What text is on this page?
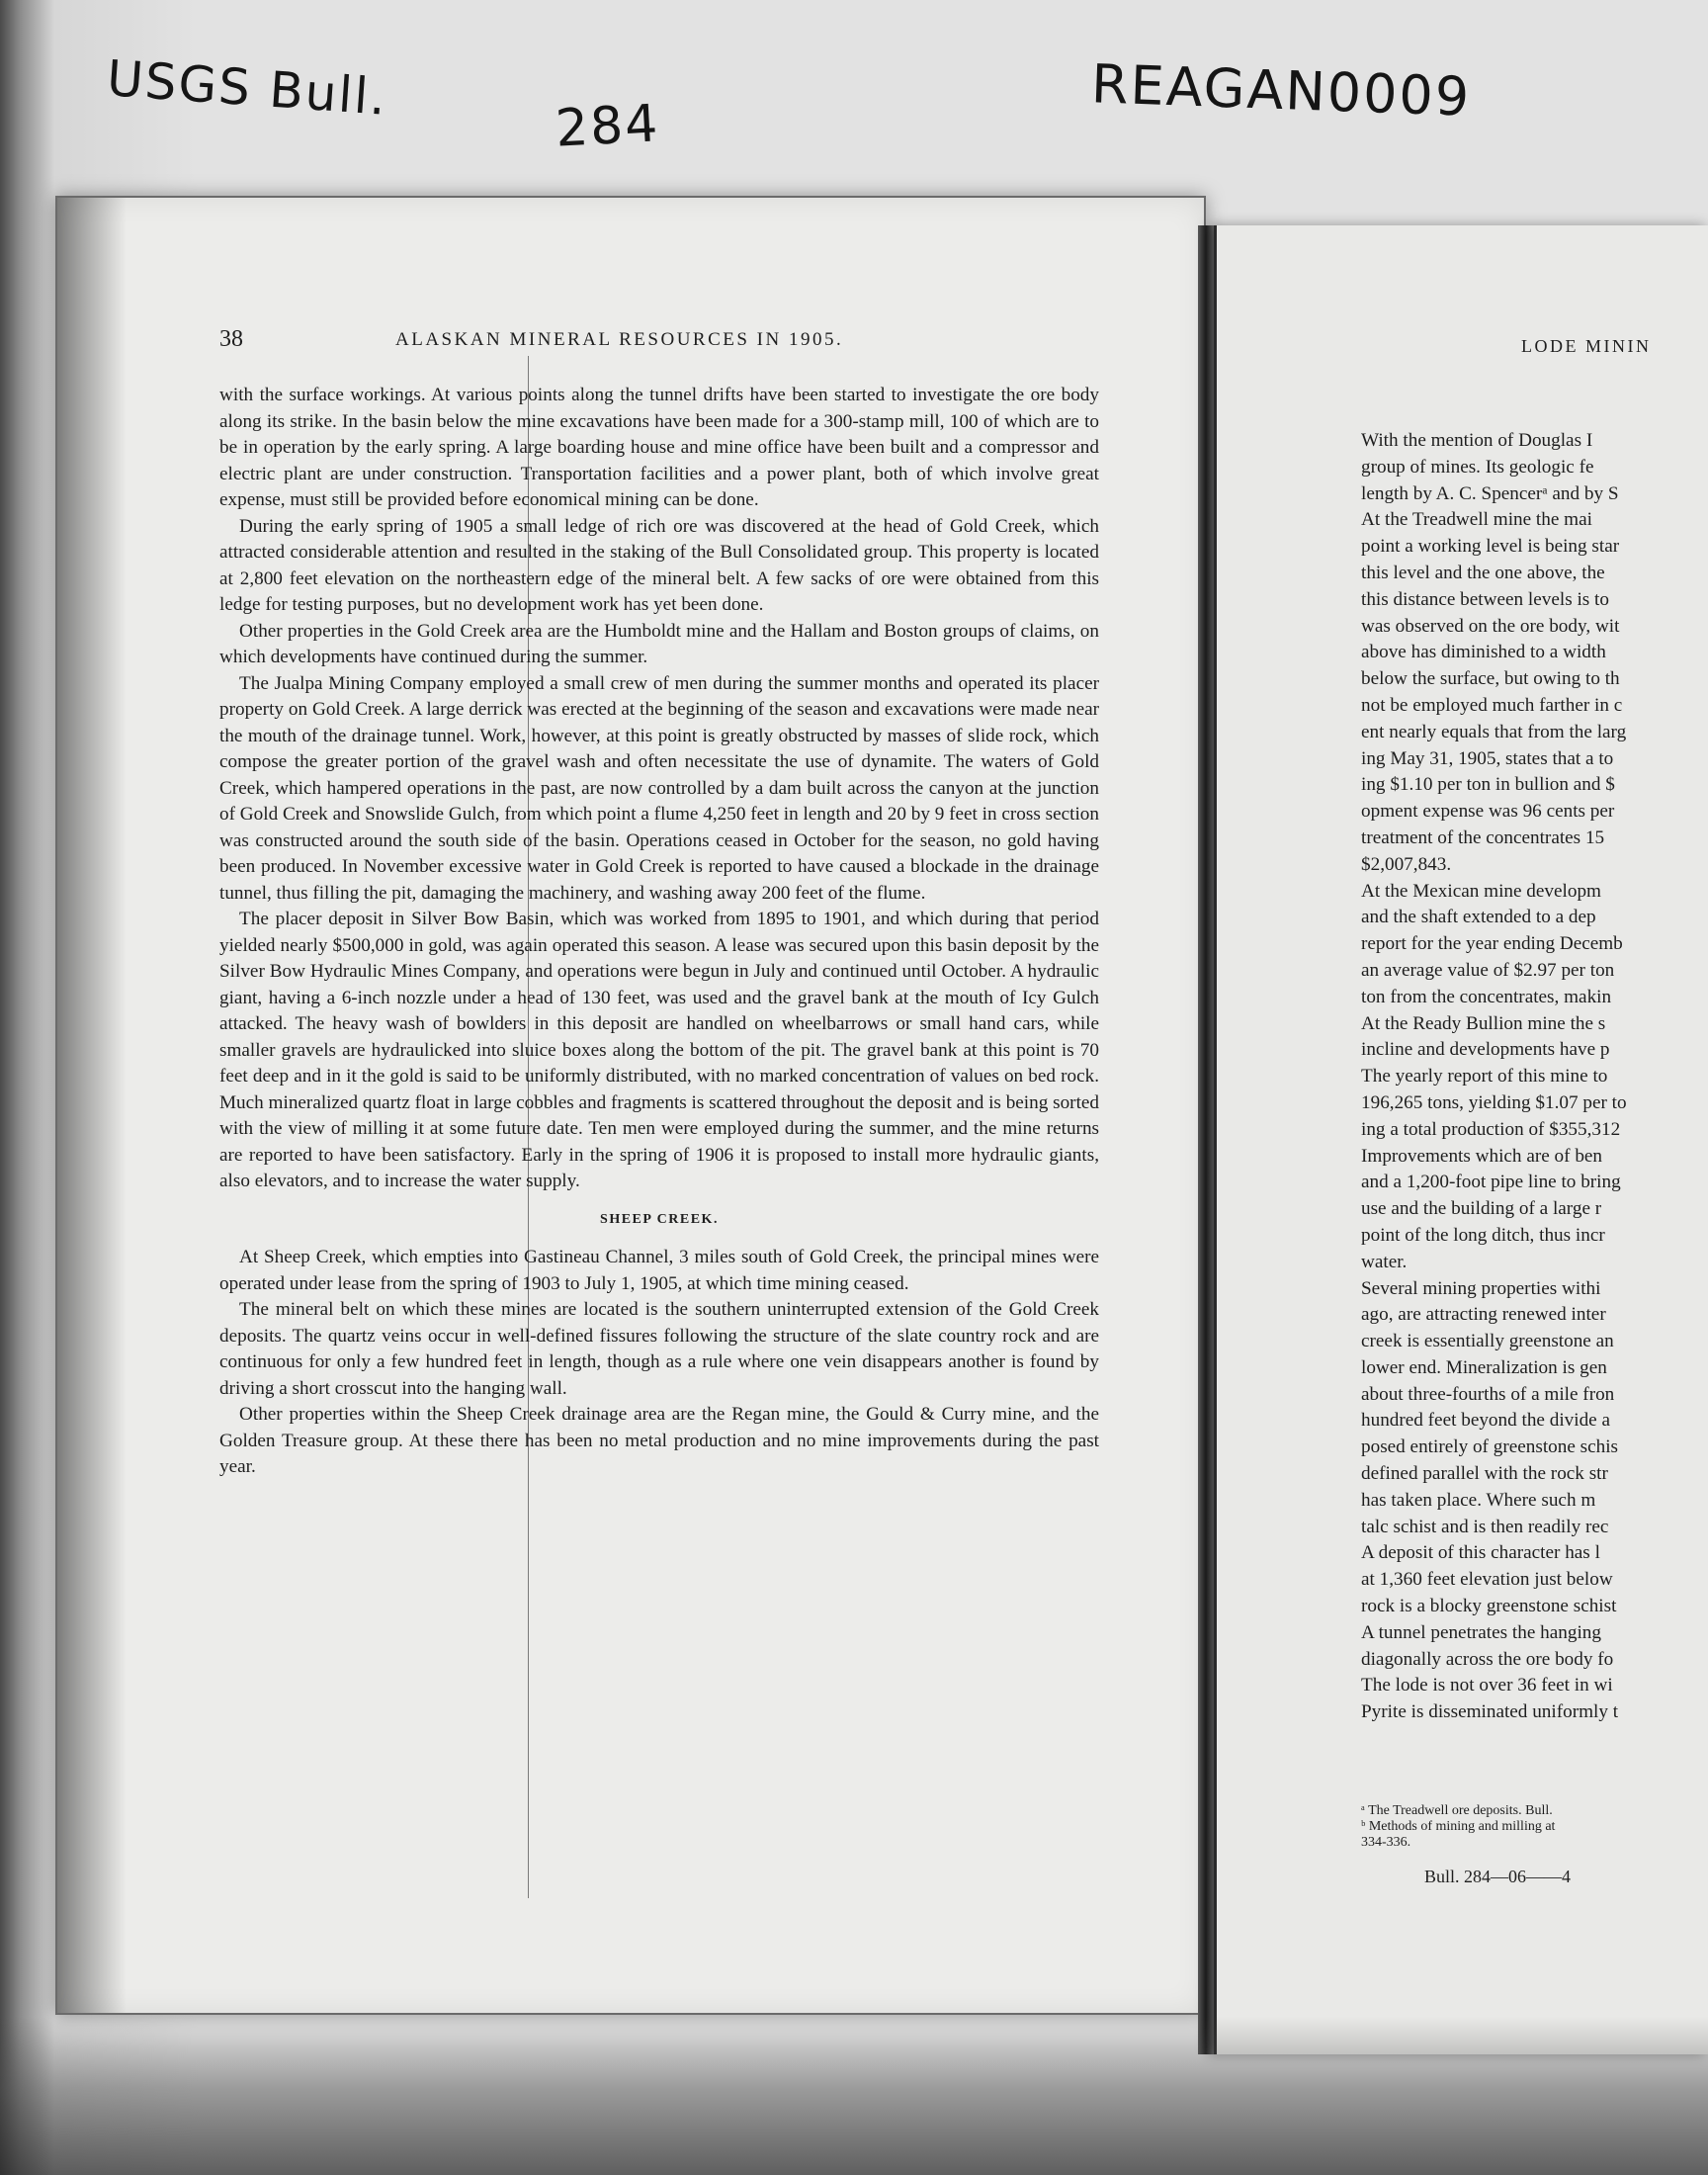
USGS Bull.
284	REAGAN0009
38	ALASKAN MINERAL RESOURCES IN 1905.

with the surface workings. At various points along the tunnel drifts have been started to investigate the ore body along its strike. In the basin below the mine excavations have been made for a 300-stamp mill, 100 of which are to be in operation by the early spring. A large boarding house and mine office have been built and a compressor and electric plant are under construction. Transportation facilities and a power plant, both of which involve great expense, must still be provided before economical mining can be done.

During the early spring of 1905 a small ledge of rich ore was discovered at the head of Gold Creek, which attracted considerable attention and resulted in the staking of the Bull Consolidated group. This property is located at 2,800 feet elevation on the northeastern edge of the mineral belt. A few sacks of ore were obtained from this ledge for testing purposes, but no development work has yet been done.

Other properties in the Gold Creek area are the Humboldt mine and the Hallam and Boston groups of claims, on which developments have continued during the summer.

The Jualpa Mining Company employed a small crew of men during the summer months and operated its placer property on Gold Creek. A large derrick was erected at the beginning of the season and excavations were made near the mouth of the drainage tunnel. Work, however, at this point is greatly obstructed by masses of slide rock, which compose the greater portion of the gravel wash and often necessitate the use of dynamite. The waters of Gold Creek, which hampered operations in the past, are now controlled by a dam built across the canyon at the junction of Gold Creek and Snowslide Gulch, from which point a flume 4,250 feet in length and 20 by 9 feet in cross section was constructed around the south side of the basin. Operations ceased in October for the season, no gold having been produced. In November excessive water in Gold Creek is reported to have caused a blockade in the drainage tunnel, thus filling the pit, damaging the machinery, and washing away 200 feet of the flume.

The placer deposit in Silver Bow Basin, which was worked from 1895 to 1901, and which during that period yielded nearly $500,000 in gold, was again operated this season. A lease was secured upon this basin deposit by the Silver Bow Hydraulic Mines Company, and operations were begun in July and continued until October. A hydraulic giant, having a 6-inch nozzle under a head of 130 feet, was used and the gravel bank at the mouth of Icy Gulch attacked. The heavy wash of bowlders in this deposit are handled on wheelbarrows or small hand cars, while smaller gravels are hydraulicked into sluice boxes along the bottom of the pit. The gravel bank at this point is 70 feet deep and in it the gold is said to be uniformly distributed, with no marked concentration of values on bed rock. Much mineralized quartz float in large cobbles and fragments is scattered throughout the deposit and is being sorted with the view of milling it at some future date. Ten men were employed during the summer, and the mine returns are reported to have been satisfactory. Early in the spring of 1906 it is proposed to install more hydraulic giants, also elevators, and to increase the water supply.

SHEEP CREEK.

At Sheep Creek, which empties into Gastineau Channel, 3 miles south of Gold Creek, the principal mines were operated under lease from the spring of 1903 to July 1, 1905, at which time mining ceased.

The mineral belt on which these mines are located is the southern uninterrupted extension of the Gold Creek deposits. The quartz veins occur in well-defined fissures following the structure of the slate country rock and are continuous for only a few hundred feet in length, though as a rule where one vein disappears another is found by driving a short crosscut into the hanging wall.

Other properties within the Sheep Creek drainage area are the Regan mine, the Gould & Curry mine, and the Golden Treasure group. At these there has been no metal production and no mine improvements during the past year.

LODE MININ
With the mention of Douglas I
group of mines. Its geologic fe
length by A. C. Spencerᵃ and by S
At the Treadwell mine the mai
point a working level is being star
this level and the one above, the
this distance between levels is to
was observed on the ore body, wit
above has diminished to a width
below the surface, but owing to th
not be employed much farther in c
ent nearly equals that from the larg
ing May 31, 1905, states that a to
ing $1.10 per ton in bullion and $
opment expense was 96 cents per
treatment of the concentrates 15
$2,007,843.
At the Mexican mine developm
and the shaft extended to a dep
report for the year ending Decemb
an average value of $2.97 per ton
ton from the concentrates, makin
At the Ready Bullion mine the s
incline and developments have p
The yearly report of this mine to
196,265 tons, yielding $1.07 per to
ing a total production of $355,312
Improvements which are of ben
and a 1,200-foot pipe line to bring
use and the building of a large r
point of the long ditch, thus incr
water.
Several mining properties withi
ago, are attracting renewed inter
creek is essentially greenstone an
lower end. Mineralization is gen
about three-fourths of a mile fron
hundred feet beyond the divide a
posed entirely of greenstone schis
defined parallel with the rock str
has taken place. Where such m
talc schist and is then readily rec
A deposit of this character has l
at 1,360 feet elevation just below
rock is a blocky greenstone schist
A tunnel penetrates the hanging
diagonally across the ore body fo
The lode is not over 36 feet in wi
Pyrite is disseminated uniformly t
ᵃ The Treadwell ore deposits. Bull.
ᵇ Methods of mining and milling at
334-336.
Bull. 284—06——4
